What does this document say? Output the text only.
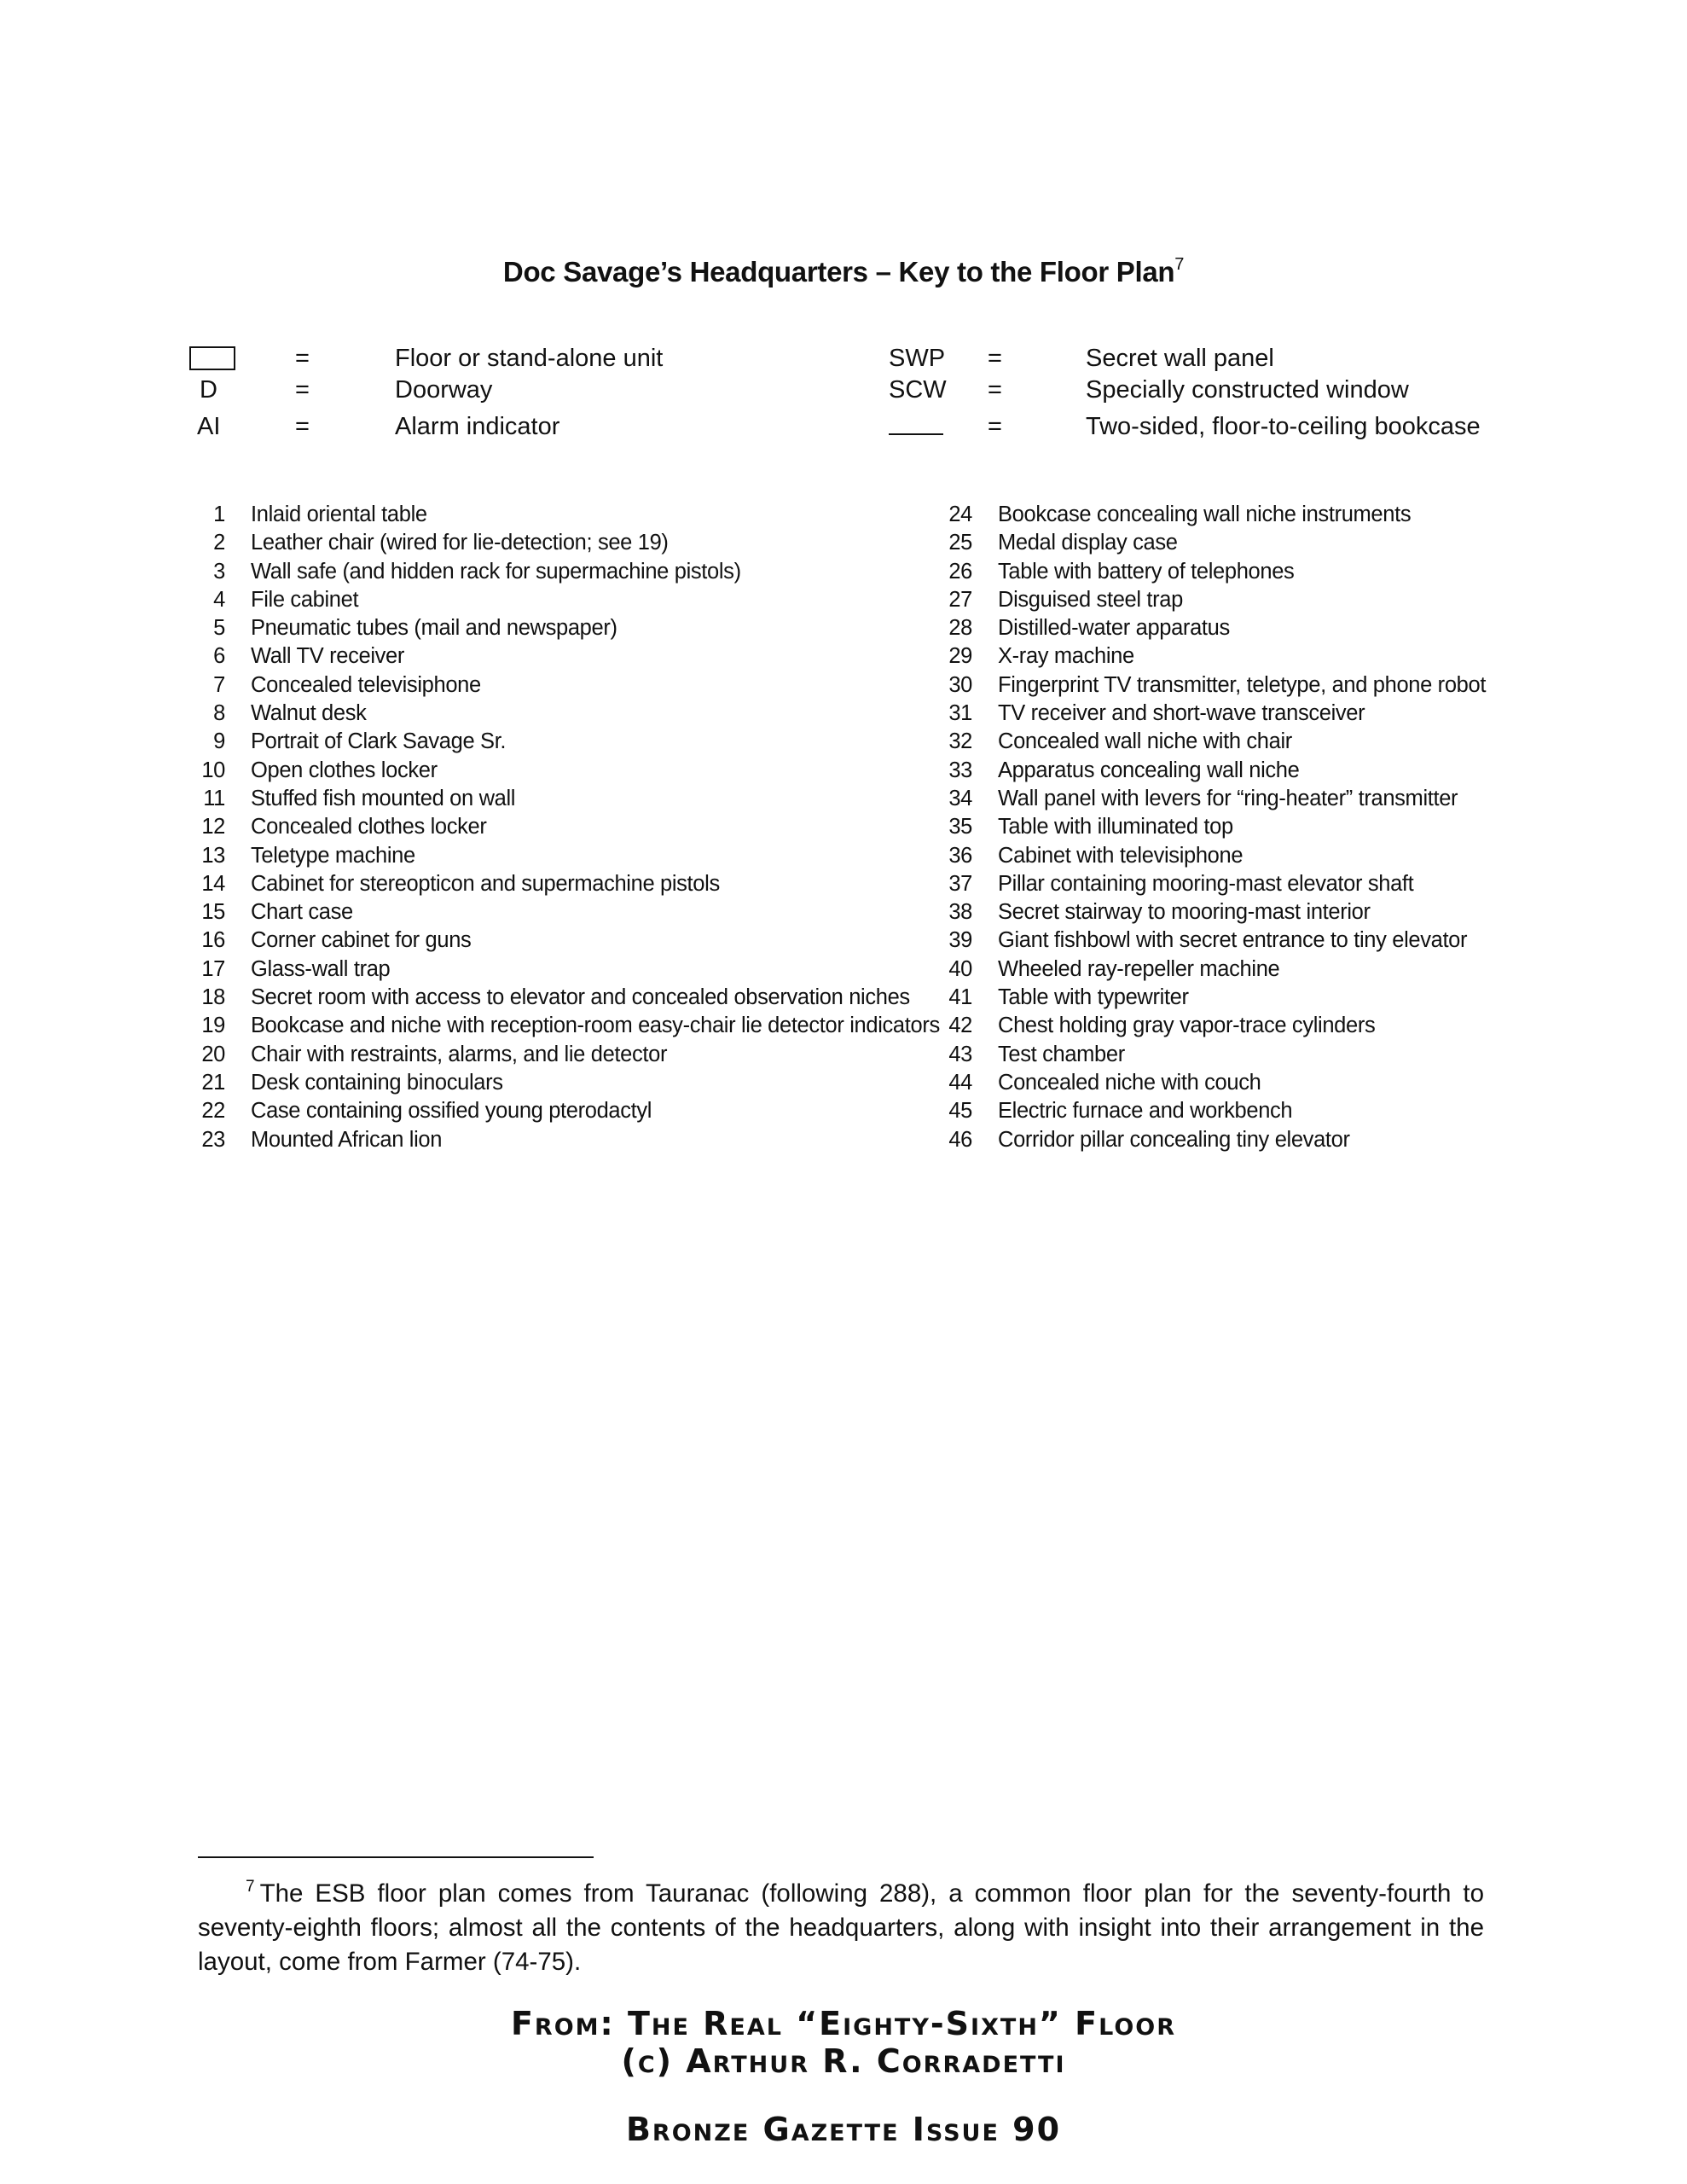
Doc Savage’s Headquarters – Key to the Floor Plan$^7$
=	Floor or stand-alone unit
D	=	Doorway
AI	=	Alarm indicator
SWP =	Secret wall panel
SCW =	Specially constructed window
=	Two-sided, floor-to-ceiling bookcase
1	Inlaid oriental table
2	Leather chair (wired for lie-detection; see 19)
3	Wall safe (and hidden rack for supermachine pistols)
4	File cabinet
5	Pneumatic tubes (mail and newspaper)
6	Wall TV receiver
7	Concealed televisiphone
8	Walnut desk
9	Portrait of Clark Savage Sr.
10	Open clothes locker
11	Stuffed fish mounted on wall
12	Concealed clothes locker
13	Teletype machine
14	Cabinet for stereopticon and supermachine pistols
15	Chart case
16	Corner cabinet for guns
17	Glass-wall trap
18	Secret room with access to elevator and concealed observation niches
19	Bookcase and niche with reception-room easy-chair lie detector indicators
20	Chair with restraints, alarms, and lie detector
21	Desk containing binoculars
22	Case containing ossified young pterodactyl
23	Mounted African lion
24	Bookcase concealing wall niche instruments
25	Medal display case
26	Table with battery of telephones
27	Disguised steel trap
28	Distilled-water apparatus
29	X-ray machine
30	Fingerprint TV transmitter, teletype, and phone robot
31	TV receiver and short-wave transceiver
32	Concealed wall niche with chair
33	Apparatus concealing wall niche
34	Wall panel with levers for “ring-heater” transmitter
35	Table with illuminated top
36	Cabinet with televisiphone
37	Pillar containing mooring-mast elevator shaft
38	Secret stairway to mooring-mast interior
39	Giant fishbowl with secret entrance to tiny elevator
40	Wheeled ray-repeller machine
41	Table with typewriter
42	Chest holding gray vapor-trace cylinders
43	Test chamber
44	Concealed niche with couch
45	Electric furnace and workbench
46	Corridor pillar concealing tiny elevator
$^7$ The ESB floor plan comes from Tauranac (following 288), a common floor plan for the seventy-fourth to seventy-eighth floors; almost all the contents of the headquarters, along with insight into their arrangement in the layout, come from Farmer (74-75).
From: The Real “Eighty-Sixth” Floor
(c) Arthur R. Corradetti
Bronze Gazette Issue 90
